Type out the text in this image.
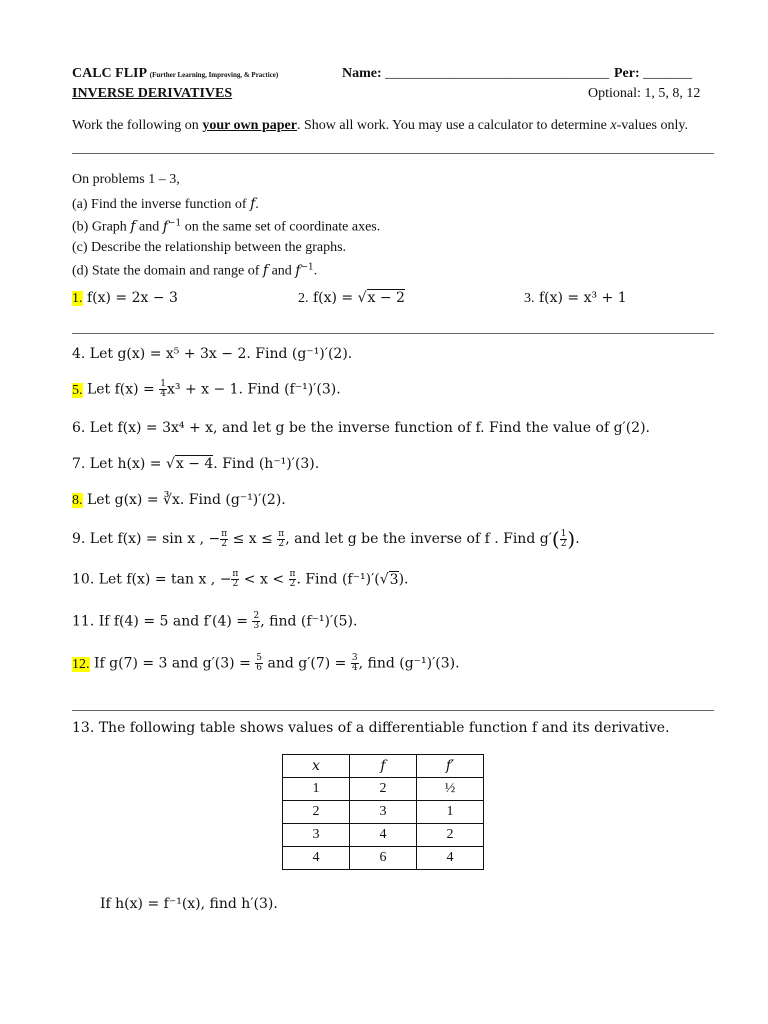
CALC FLIP (Further Learning, Improving, & Practice)	Name: ________________________________ Per: _______
INVERSE DERIVATIVES	Optional: 1, 5, 8, 12
Work the following on your own paper. Show all work. You may use a calculator to determine x-values only.
On problems 1 – 3,
(a) Find the inverse function of f.
(b) Graph f and $f^{-1}$ on the same set of coordinate axes.
(c) Describe the relationship between the graphs.
(d) State the domain and range of f and $f^{-1}$.
1. f(x) = 2x − 3	2. f(x) = √x − 2	3. f(x) = x³ + 1
4. Let g(x) = x⁵ + 3x − 2. Find (g⁻¹)′(2).
5. Let $f(x) = \frac{1}{4} x^3 + x - 1$. Find (f⁻¹)′(3).
6. Let f(x) = 3x⁴ + x, and let g be the inverse function of f. Find the value of g′(2).
7. Let h(x) = √x − 4. Find (h⁻¹)′(3).
8. Let g(x) = ∛x. Find (g⁻¹)′(2).
9. Let f(x) = sin x , − $\frac{\pi}{2} \le x \le \frac{\pi}{2}$ , and let g be the inverse of f . Find $g'( \frac{1}{2}$ ).
10. Let f(x) = tan x , − $\frac{\pi}{2} < x < \frac{\pi}{2}$ . Find (f⁻¹)′(√3).
11. If f(4) = 5 and $f'(4) = \frac{2}{3}$ , find (f⁻¹)′(5).
12. If g(7) = 3 and $g'(3) = \frac{5}{6}$ and $g'(7) = \frac{3}{4}$ , find (g⁻¹)′(3).
13. The following table shows values of a differentiable function f and its derivative.
x	f	f′
1	2	½
2	3	1
3	4	2
4	6	4
If h(x) = f⁻¹(x), find h′(3).
